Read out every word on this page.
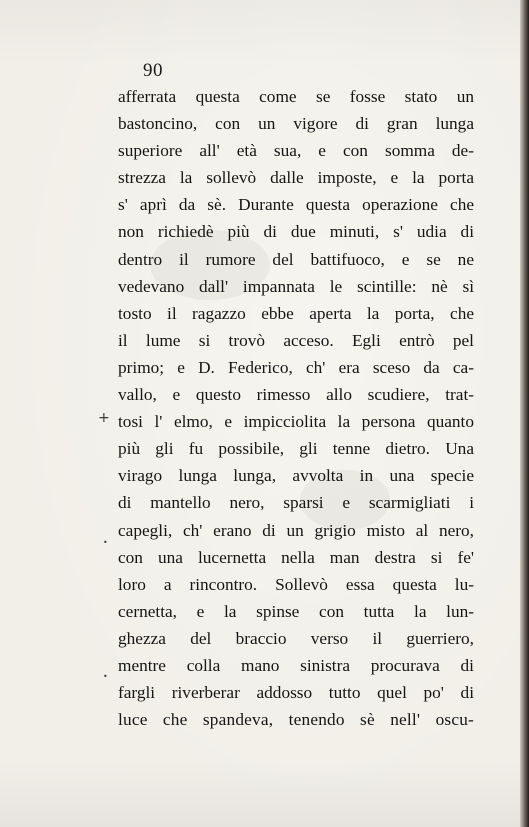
90
+
•
•
afferrata questa come se fosse stato un
bastoncino, con un vigore di gran lunga
superiore all' età sua, e con somma de-
strezza la sollevò dalle imposte, e la porta
s' aprì da sè. Durante questa operazione che
non richiedè più di due minuti, s' udia di
dentro il rumore del battifuoco, e se ne
vedevano dall' impannata le scintille: nè sì
tosto il ragazzo ebbe aperta la porta, che
il lume si trovò acceso. Egli entrò pel
primo; e D. Federico, ch' era sceso da ca-
vallo, e questo rimesso allo scudiere, trat-
tosi l' elmo, e impicciolita la persona quanto
più gli fu possibile, gli tenne dietro. Una
virago lunga lunga, avvolta in una specie
di mantello nero, sparsi e scarmigliati i
capegli, ch' erano di un grigio misto al nero,
con una lucernetta nella man destra si fe'
loro a rincontro. Sollevò essa questa lu-
cernetta, e la spinse con tutta la lun-
ghezza del braccio verso il guerriero,
mentre colla mano sinistra procurava di
fargli riverberar addosso tutto quel po' di
luce che spandeva, tenendo sè nell' oscu-
